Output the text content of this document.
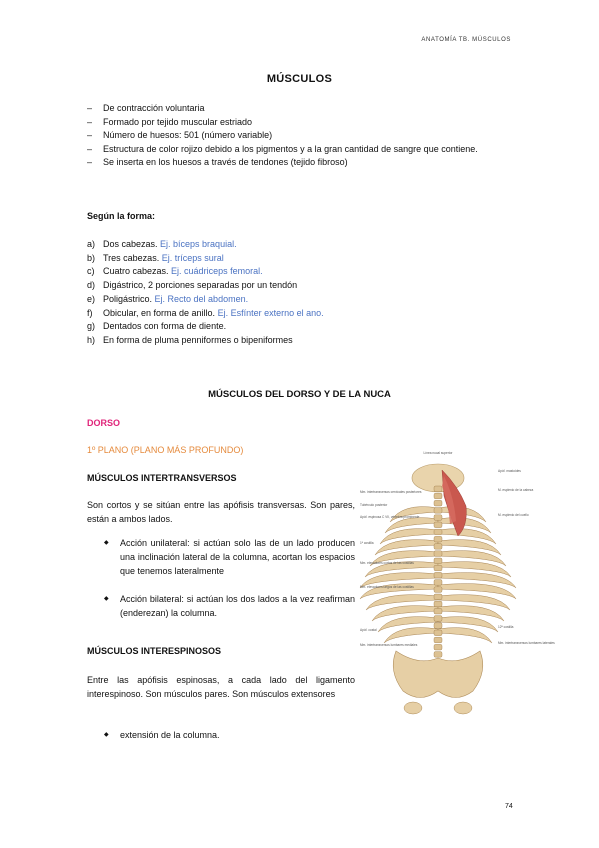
ANATOMÍA TB. MÚSCULOS
MÚSCULOS
– De contracción voluntaria
– Formado por tejido muscular estriado
– Número de huesos: 501 (número variable)
– Estructura de color rojizo debido a los pigmentos y a la gran cantidad de sangre que contiene.
– Se inserta en los huesos a través de tendones (tejido fibroso)
Según la forma:
a) Dos cabezas. Ej. bíceps braquial.
b) Tres cabezas. Ej. tríceps sural
c) Cuatro cabezas. Ej. cuádriceps femoral.
d) Digástrico, 2 porciones separadas por un tendón
e) Poligástrico. Ej. Recto del abdomen.
f) Obicular, en forma de anillo. Ej. Esfínter externo el ano.
g) Dentados con forma de diente.
h) En forma de pluma penniformes o bipeniformes
MÚSCULOS DEL DORSO Y DE LA NUCA
DORSO
1º PLANO (PLANO MÁS PROFUNDO)
MÚSCULOS INTERTRANSVERSOS
Son cortos y se sitúan entre las apófisis transversas. Son pares, están a ambos lados.
◆ Acción unilateral: si actúan solo las de un lado producen una inclinación lateral de la columna, acortan los espacios que tenemos lateralmente
◆ Acción bilateral: si actúan los dos lados a la vez reafirman (enderezan) la columna.
MÚSCULOS INTERESPINOSOS
Entre las apófisis espinosas, a cada lado del ligamento interespinoso. Son músculos pares. Son músculos extensores
◆ extensión de la columna.
Línea nucal superior
Apóf. mastoides
Mm. intertransversos cervicales posteriores	M. esplenio de la cabeza
Tubérculo posterior
Apóf. espinosa C VII, vértebra prominente	M. esplenio del cuello
1ª costilla
Mm. elevadores cortos de las costillas
Mm. elevadores largos de las costillas
Apóf. costal
Mm. intertransversos lumbares mediales
12ª costilla
Mm. intertransversos lumbares laterales
74
